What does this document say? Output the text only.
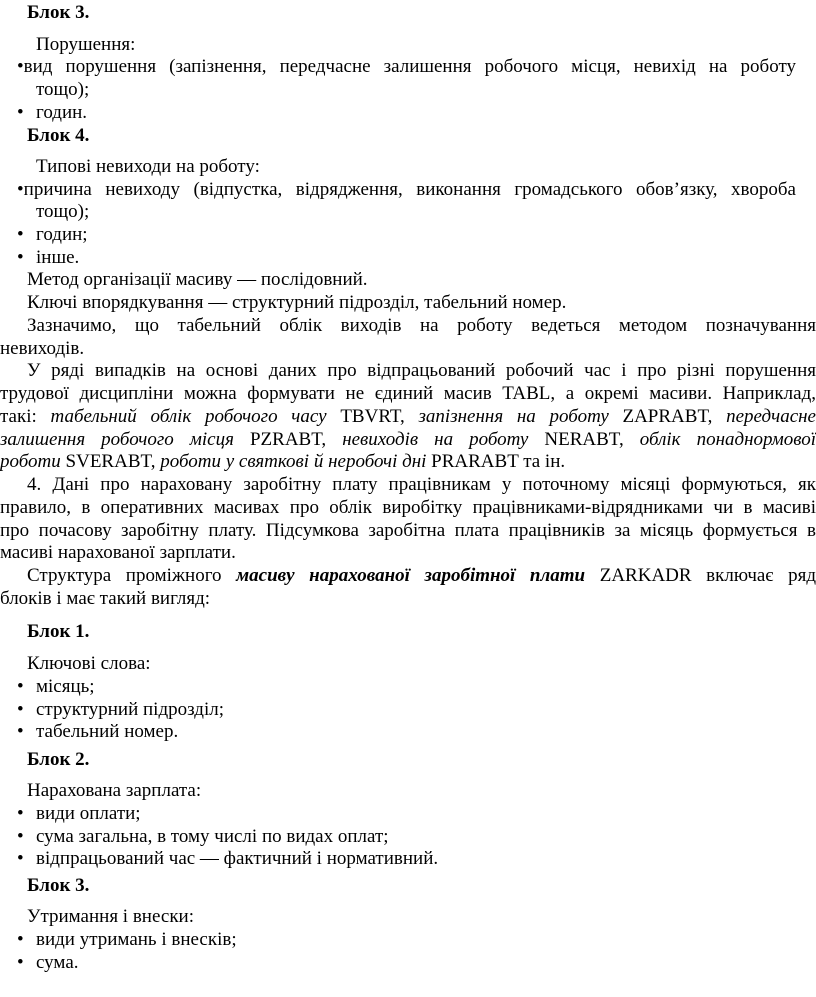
Блок 3.
Порушення:
•вид порушення (запізнення, передчасне залишення робочого місця, невихід на роботу
тощо);
• годин.
Блок 4.
Типові невиходи на роботу:
•причина невиходу (відпустка, відрядження, виконання громадського обов’язку, хвороба
тощо);
• годин;
• інше.
Метод організації масиву — послідовний.
Ключі впорядкування — структурний підрозділ, табельний номер.
Зазначимо, що табельний облік виходів на роботу ведеться методом позначування
невиходів.
У ряді випадків на основі даних про відпрацьований робочий час і про різні порушення
трудової дисципліни можна формувати не єдиний масив TABL, а окремі масиви. Наприклад,
такі: табельний облік робочого часу TBVRT, запізнення на роботу ZAPRABT, передчасне
залишення робочого місця PZRABT, невиходів на роботу NERABT, облік понаднормової
роботи SVERABT, роботи у святкові й неробочі дні PRARABT та ін.
4. Дані про нараховану заробітну плату працівникам у поточному місяці формуються, як
правило, в оперативних масивах про облік виробітку працівниками-відрядниками чи в масиві
про почасову заробітну плату. Підсумкова заробітна плата працівників за місяць формується в
масиві нарахованої зарплати.
Структура проміжного масиву нарахованої заробітної плати ZARKADR включає ряд
блоків і має такий вигляд:
Блок 1.
Ключові слова:
• місяць;
• структурний підрозділ;
• табельний номер.
Блок 2.
Нарахована зарплата:
• види оплати;
• сума загальна, в тому числі по видах оплат;
• відпрацьований час — фактичний і нормативний.
Блок 3.
Утримання і внески:
• види утримань і внесків;
• сума.
